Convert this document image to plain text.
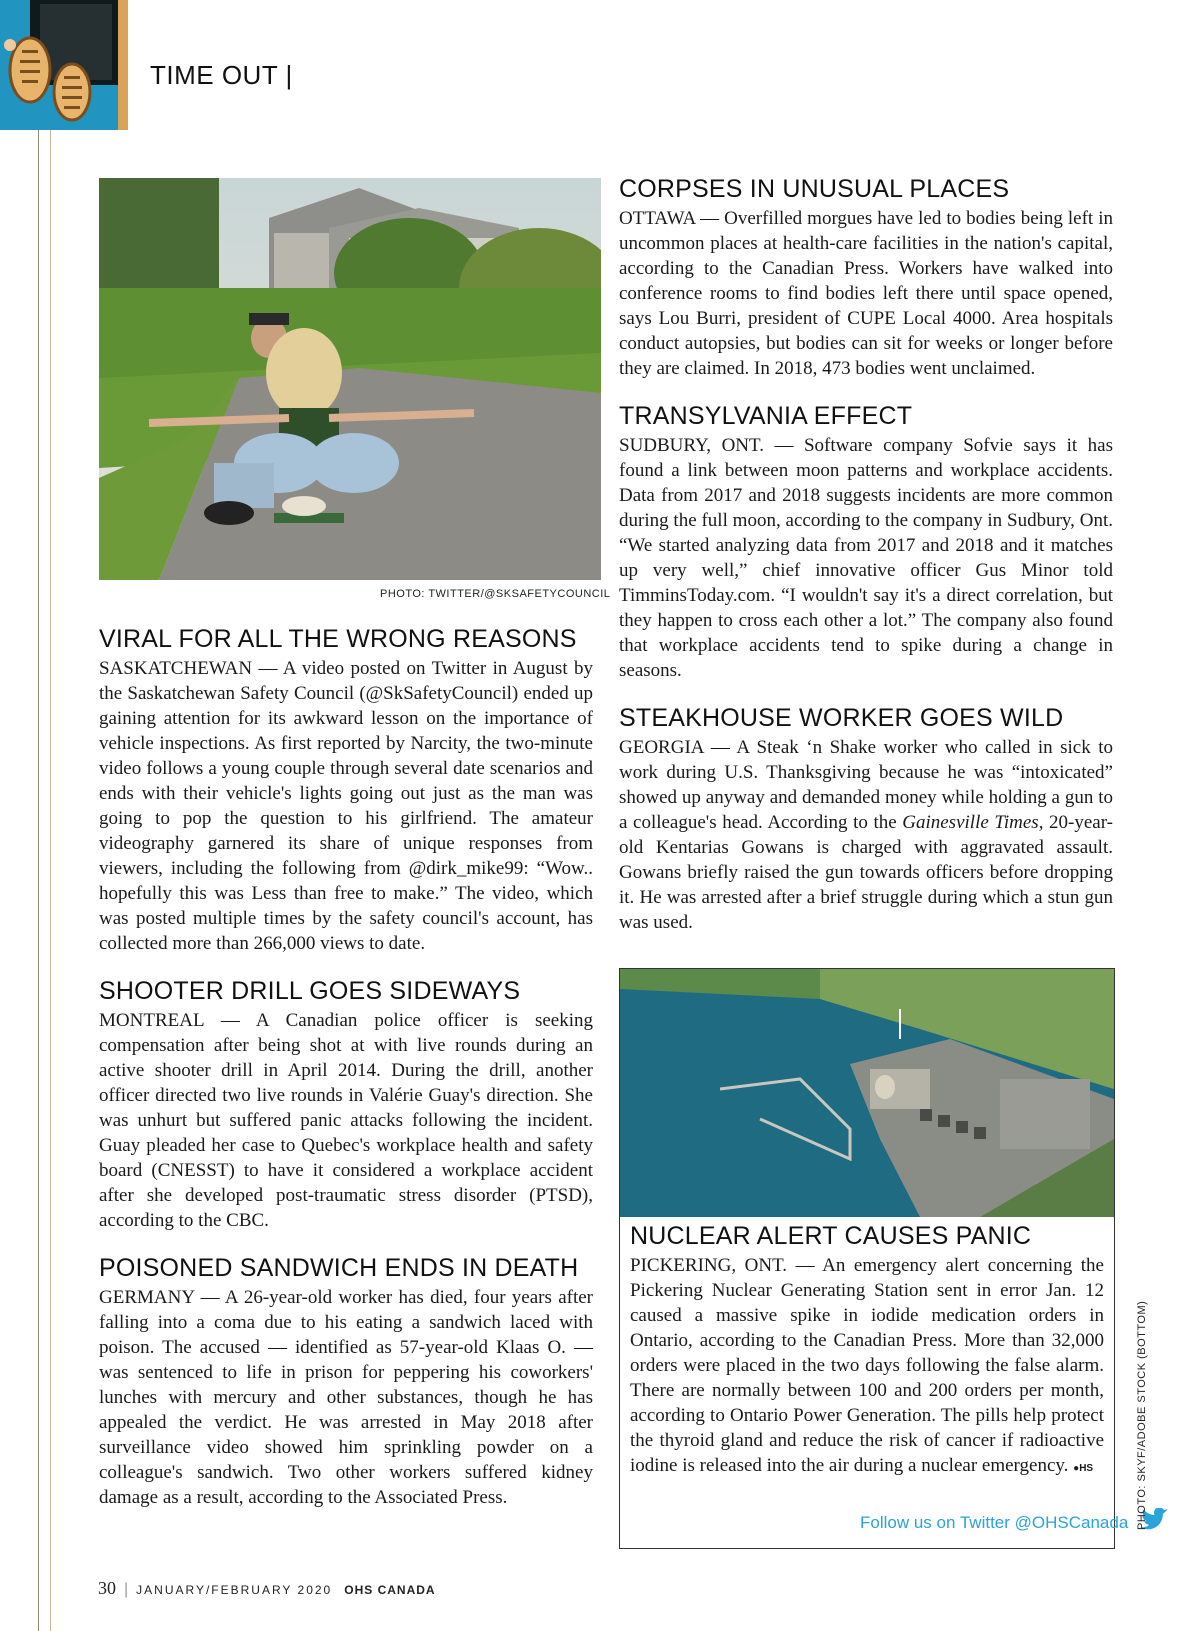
TIME OUT |
PHOTO: TWITTER/@SKSAFETYCOUNCIL
VIRAL FOR ALL THE WRONG REASONS

SASKATCHEWAN — A video posted on Twitter in August by the Saskatchewan Safety Council (@SkSafetyCouncil) ended up gaining attention for its awkward lesson on the importance of vehicle inspections. As first reported by Narcity, the two-minute video follows a young couple through several date scenarios and ends with their vehicle's lights going out just as the man was going to pop the question to his girlfriend. The amateur videography garnered its share of unique responses from viewers, including the following from @dirk_mike99: “Wow.. hopefully this was Less than free to make.” The video, which was posted multiple times by the safety council's account, has collected more than 266,000 views to date.

SHOOTER DRILL GOES SIDEWAYS

MONTREAL — A Canadian police officer is seeking compensation after being shot at with live rounds during an active shooter drill in April 2014. During the drill, another officer directed two live rounds in Valérie Guay's direction. She was unhurt but suffered panic attacks following the incident. Guay pleaded her case to Quebec's workplace health and safety board (CNESST) to have it considered a workplace accident after she developed post-traumatic stress disorder (PTSD), according to the CBC.

POISONED SANDWICH ENDS IN DEATH

GERMANY — A 26-year-old worker has died, four years after falling into a coma due to his eating a sandwich laced with poison. The accused — identified as 57-year-old Klaas O. — was sentenced to life in prison for peppering his coworkers' lunches with mercury and other substances, though he has appealed the verdict. He was arrested in May 2018 after surveillance video showed him sprinkling powder on a colleague's sandwich. Two other workers suffered kidney damage as a result, according to the Associated Press.

CORPSES IN UNUSUAL PLACES

OTTAWA — Overfilled morgues have led to bodies being left in uncommon places at health-care facilities in the nation's capital, according to the Canadian Press. Workers have walked into conference rooms to find bodies left there until space opened, says Lou Burri, president of CUPE Local 4000. Area hospitals conduct autopsies, but bodies can sit for weeks or longer before they are claimed. In 2018, 473 bodies went unclaimed.

TRANSYLVANIA EFFECT

SUDBURY, ONT. — Software company Sofvie says it has found a link between moon patterns and workplace accidents. Data from 2017 and 2018 suggests incidents are more common during the full moon, according to the company in Sudbury, Ont. “We started analyzing data from 2017 and 2018 and it matches up very well,” chief innovative officer Gus Minor told TimminsToday.com. “I wouldn't say it's a direct correlation, but they happen to cross each other a lot.” The company also found that workplace accidents tend to spike during a change in seasons.

STEAKHOUSE WORKER GOES WILD

GEORGIA — A Steak ‘n Shake worker who called in sick to work during U.S. Thanksgiving because he was “intoxicated” showed up anyway and demanded money while holding a gun to a colleague's head. According to the Gainesville Times, 20-year-old Kentarias Gowans is charged with aggravated assault. Gowans briefly raised the gun towards officers before dropping it. He was arrested after a brief struggle during which a stun gun was used.

NUCLEAR ALERT CAUSES PANIC

PICKERING, ONT. — An emergency alert concerning the Pickering Nuclear Generating Station sent in error Jan. 12 caused a massive spike in iodide medication orders in Ontario, according to the Canadian Press. More than 32,000 orders were placed in the two days following the false alarm. There are normally between 100 and 200 orders per month, according to Ontario Power Generation. The pills help protect the thyroid gland and reduce the risk of cancer if radioactive iodine is released into the air during a nuclear emergency. ●HS

Follow us on Twitter @OHSCanada PHOTO: SKYF/ADOBE STOCK (BOTTOM)
30 | JANUARY/FEBRUARY 2020 OHS CANADA
